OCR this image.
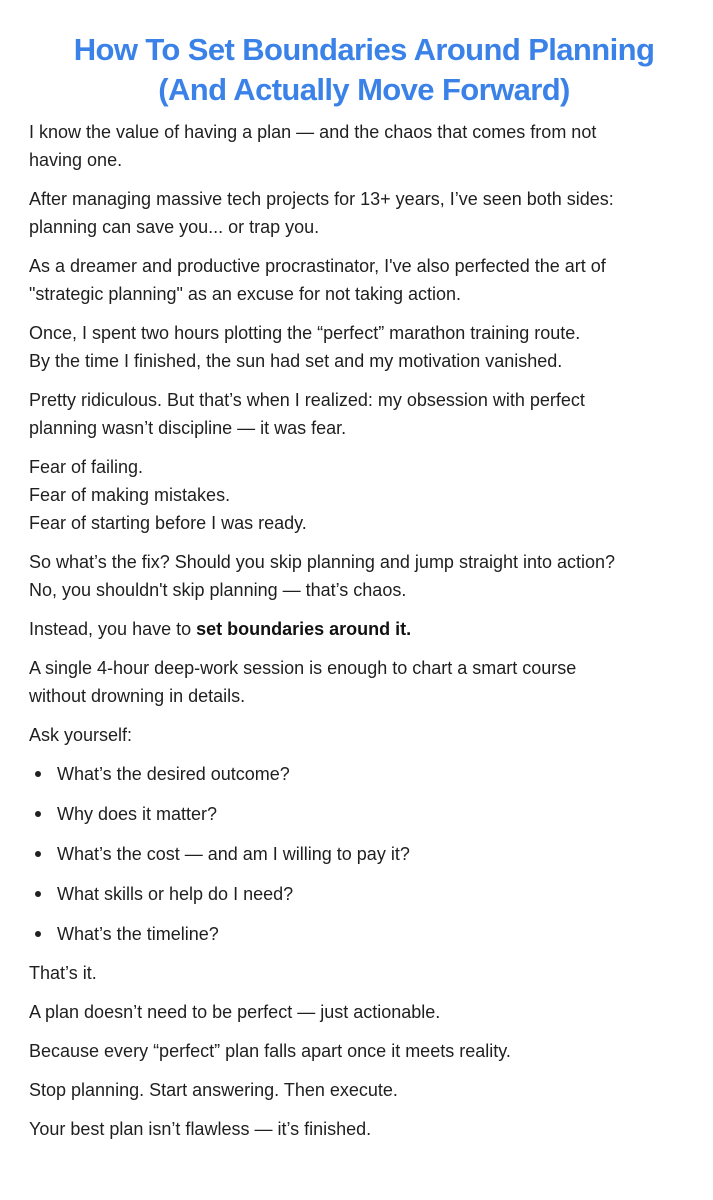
How To Set Boundaries Around Planning
(And Actually Move Forward)

I know the value of having a plan — and the chaos that comes from not
having one.

After managing massive tech projects for 13+ years, I’ve seen both sides:
planning can save you... or trap you.

As a dreamer and productive procrastinator, I've also perfected the art of
"strategic planning" as an excuse for not taking action.

Once, I spent two hours plotting the “perfect” marathon training route.
By the time I finished, the sun had set and my motivation vanished.

Pretty ridiculous. But that’s when I realized: my obsession with perfect
planning wasn’t discipline — it was fear.

Fear of failing.
Fear of making mistakes.
Fear of starting before I was ready.

So what’s the fix? Should you skip planning and jump straight into action?
No, you shouldn't skip planning — that’s chaos.

Instead, you have to set boundaries around it.

A single 4-hour deep-work session is enough to chart a smart course
without drowning in details.

Ask yourself:

What’s the desired outcome?
Why does it matter?
What’s the cost — and am I willing to pay it?
What skills or help do I need?
What’s the timeline?

That’s it.

A plan doesn’t need to be perfect — just actionable.

Because every “perfect” plan falls apart once it meets reality.

Stop planning. Start answering. Then execute.

Your best plan isn’t flawless — it’s finished.
